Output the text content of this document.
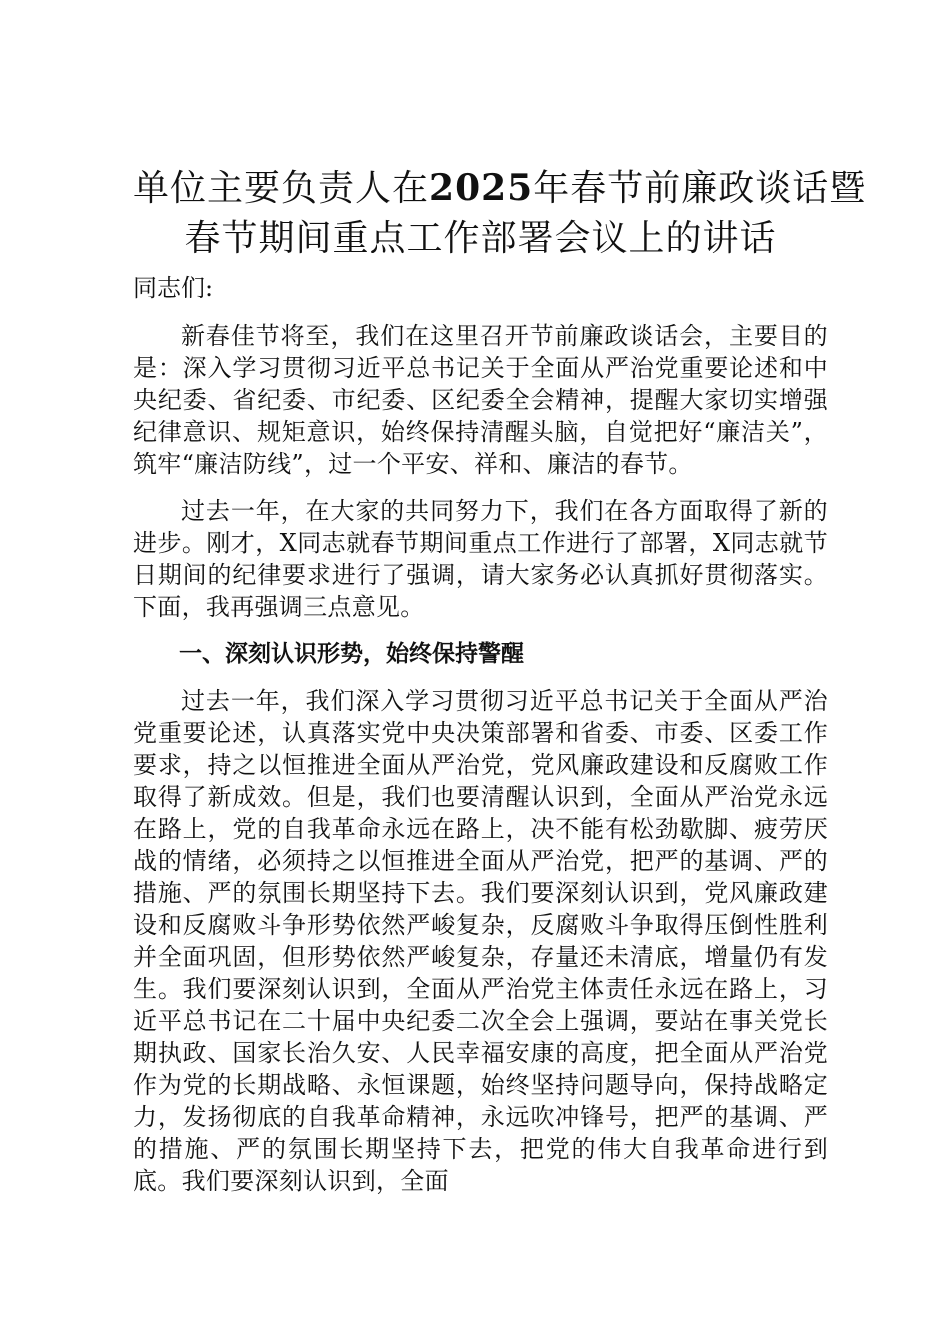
单位主要负责人在2025年春节前廉政谈话暨
春节期间重点工作部署会议上的讲话

同志们:

新春佳节将至，我们在这里召开节前廉政谈话会，主要目的是：深入学习贯彻习近平总书记关于全面从严治党重要论述和中央纪委、省纪委、市纪委、区纪委全会精神，提醒大家切实增强纪律意识、规矩意识，始终保持清醒头脑，自觉把好“廉洁关”，筑牢“廉洁防线”，过一个平安、祥和、廉洁的春节。

过去一年，在大家的共同努力下，我们在各方面取得了新的进步。刚才，X同志就春节期间重点工作进行了部署，X同志就节日期间的纪律要求进行了强调，请大家务必认真抓好贯彻落实。下面，我再强调三点意见。

一、深刻认识形势，始终保持警醒

过去一年，我们深入学习贯彻习近平总书记关于全面从严治党重要论述，认真落实党中央决策部署和省委、市委、区委工作要求，持之以恒推进全面从严治党，党风廉政建设和反腐败工作取得了新成效。但是，我们也要清醒认识到，全面从严治党永远在路上，党的自我革命永远在路上，决不能有松劲歇脚、疲劳厌战的情绪，必须持之以恒推进全面从严治党，把严的基调、严的措施、严的氛围长期坚持下去。我们要深刻认识到，党风廉政建设和反腐败斗争形势依然严峻复杂，反腐败斗争取得压倒性胜利并全面巩固，但形势依然严峻复杂，存量还未清底，增量仍有发生。我们要深刻认识到，全面从严治党主体责任永远在路上，习近平总书记在二十届中央纪委二次全会上强调，要站在事关党长期执政、国家长治久安、人民幸福安康的高度，把全面从严治党作为党的长期战略、永恒课题，始终坚持问题导向，保持战略定力，发扬彻底的自我革命精神，永远吹冲锋号，把严的基调、严的措施、严的氛围长期坚持下去，把党的伟大自我革命进行到底。我们要深刻认识到，全面
